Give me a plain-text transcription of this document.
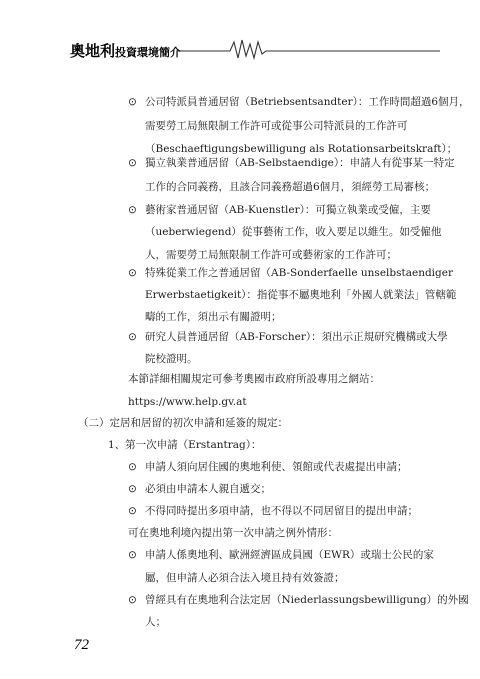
奧地利投資環境簡介
⊙ 公司特派員普通居留（Betriebsentsandter）：工作時間超過6個月，
需要勞工局無限制工作許可或從事公司特派員的工作許可
（Beschaeftigungsbewilligung als Rotationsarbeitskraft）；
⊙ 獨立執業普通居留（AB-Selbstaendige）：申請人有從事某一特定
工作的合同義務，且該合同義務超過6個月，須經勞工局審核；
⊙ 藝術家普通居留（AB-Kuenstler）：可獨立執業或受僱，主要
（ueberwiegend）從事藝術工作，收入要足以維生。如受僱他
人，需要勞工局無限制工作許可或藝術家的工作許可；
⊙ 特殊從業工作之普通居留（AB-Sonderfaelle unselbstaendiger
Erwerbstaetigkeit）：指從事不屬奧地利「外國人就業法」管轄範
疇的工作，須出示有關證明；
⊙ 研究人員普通居留（AB-Forscher）：須出示正規研究機構或大學
院校證明。
本節詳細相關規定可參考奧國市政府所設專用之網站：
https://www.help.gv.at
（二）定居和居留的初次申請和延簽的規定：
1、第一次申請（Erstantrag）：
⊙ 申請人須向居住國的奧地利使、領館或代表處提出申請；
⊙ 必須由申請本人親自遞交；
⊙ 不得同時提出多項申請，也不得以不同居留目的提出申請；
可在奧地利境內提出第一次申請之例外情形：
⊙ 申請人係奧地利、歐洲經濟區成員國（EWR）或瑞士公民的家
屬，但申請人必須合法入境且持有效簽證；
⊙ 曾經具有在奧地利合法定居（Niederlassungsbewilligung）的外國
人；
72
